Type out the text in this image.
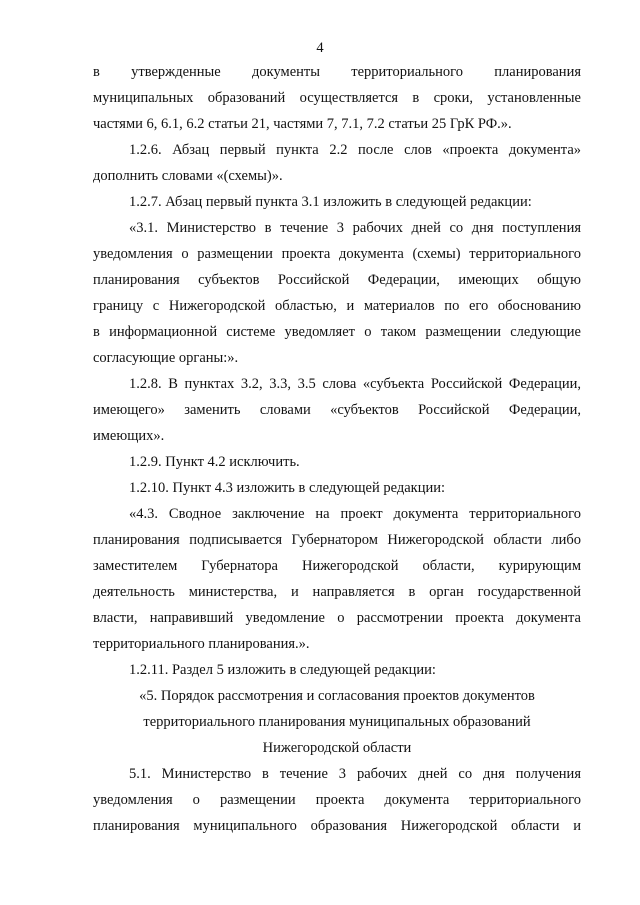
4
в утвержденные документы территориального планирования
муниципальных образований осуществляется в сроки, установленные
частями 6, 6.1, 6.2 статьи 21, частями 7, 7.1, 7.2 статьи 25 ГрК РФ.».
1.2.6. Абзац первый пункта 2.2 после слов «проекта документа»
дополнить словами «(схемы)».
1.2.7. Абзац первый пункта 3.1 изложить в следующей редакции:
«3.1. Министерство в течение 3 рабочих дней со дня поступления
уведомления о размещении проекта документа (схемы) территориального
планирования субъектов Российской Федерации, имеющих общую
границу с Нижегородской областью, и материалов по его обоснованию
в информационной системе уведомляет о таком размещении следующие
согласующие органы:».
1.2.8. В пунктах 3.2, 3.3, 3.5 слова «субъекта Российской Федерации,
имеющего» заменить словами «субъектов Российской Федерации,
имеющих».
1.2.9. Пункт 4.2 исключить.
1.2.10. Пункт 4.3 изложить в следующей редакции:
«4.3. Сводное заключение на проект документа территориального
планирования подписывается Губернатором Нижегородской области либо
заместителем Губернатора Нижегородской области, курирующим
деятельность министерства, и направляется в орган государственной
власти, направивший уведомление о рассмотрении проекта документа
территориального планирования.».
1.2.11. Раздел 5 изложить в следующей редакции:
«5. Порядок рассмотрения и согласования проектов документов
территориального планирования муниципальных образований
Нижегородской области
5.1. Министерство в течение 3 рабочих дней со дня получения
уведомления о размещении проекта документа территориального
планирования муниципального образования Нижегородской области и
